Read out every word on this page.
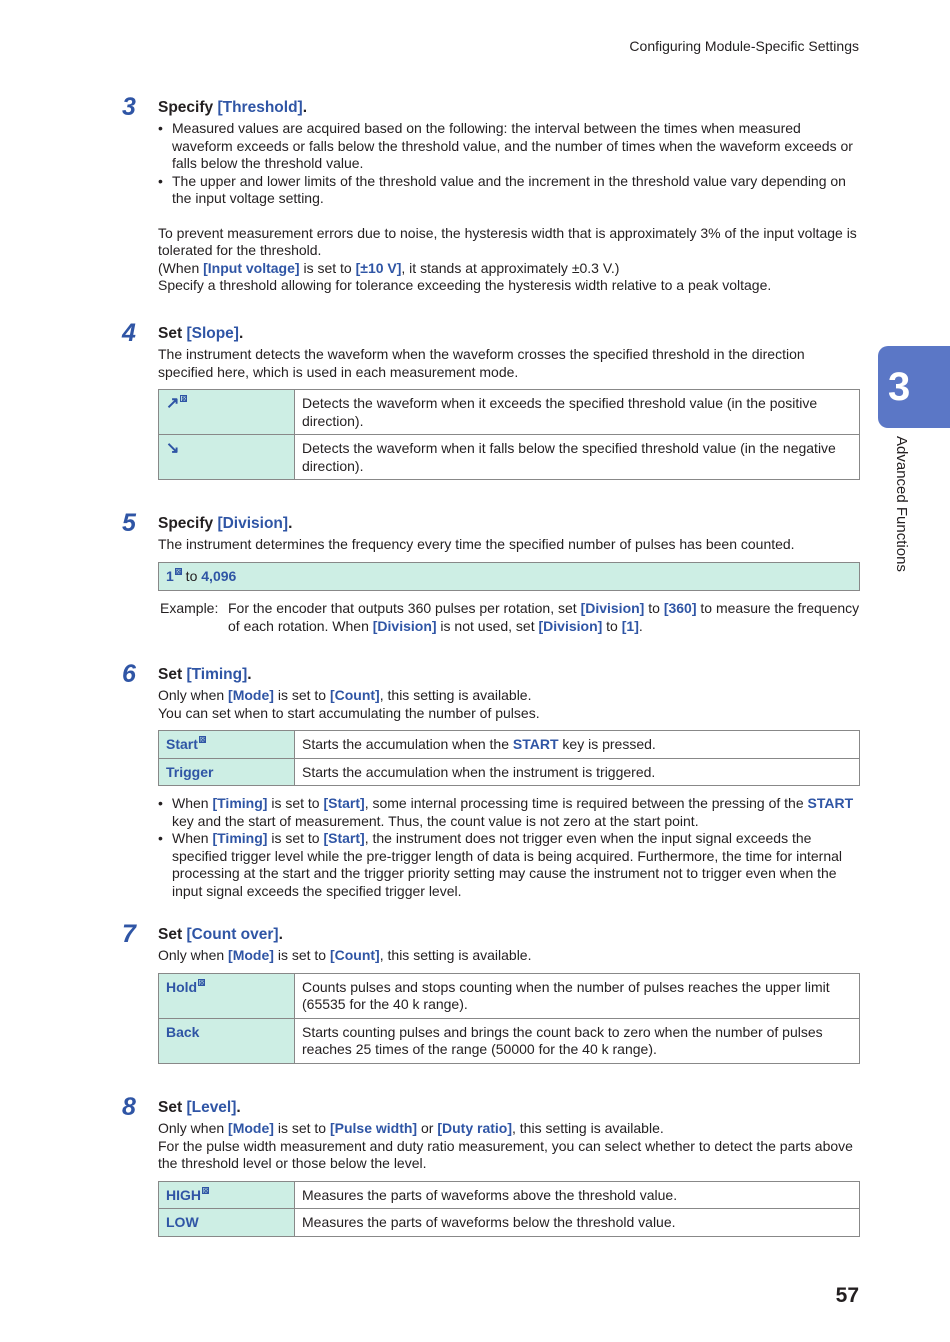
Configuring Module-Specific Settings
3 Specify [Threshold].
• Measured values are acquired based on the following: the interval between the times when measured waveform exceeds or falls below the threshold value, and the number of times when the waveform exceeds or falls below the threshold value.
• The upper and lower limits of the threshold value and the increment in the threshold value vary depending on the input voltage setting.

To prevent measurement errors due to noise, the hysteresis width that is approximately 3% of the input voltage is tolerated for the threshold.

(When [Input voltage] is set to [±10 V], it stands at approximately ±0.3 V.)

Specify a threshold allowing for tolerance exceeding the hysteresis width relative to a peak voltage.

4 Set [Slope].

The instrument detects the waveform when the waveform crosses the specified threshold in the direction specified here, which is used in each measurement mode.

↗ ⊠	Detects the waveform when it exceeds the specified threshold value (in the positive direction).
↘	Detects the waveform when it falls below the specified threshold value (in the negative direction).
5 Specify [Division].

The instrument determines the frequency every time the specified number of pulses has been counted.

1 ⊠ to 4,096
Example: For the encoder that outputs 360 pulses per rotation, set [Division] to [360] to measure the frequency of each rotation. When [Division] is not used, set [Division] to [1].
6 Set [Timing].

Only when [Mode] is set to [Count], this setting is available.

You can set when to start accumulating the number of pulses.

Start ⊠	Starts the accumulation when the START key is pressed.
Trigger	Starts the accumulation when the instrument is triggered.
• When [Timing] is set to [Start], some internal processing time is required between the pressing of the START key and the start of measurement. Thus, the count value is not zero at the start point.
• When [Timing] is set to [Start], the instrument does not trigger even when the input signal exceeds the specified trigger level while the pre-trigger length of data is being acquired. Furthermore, the time for internal processing at the start and the trigger priority setting may cause the instrument not to trigger even when the input signal exceeds the specified trigger level.
7 Set [Count over].

Only when [Mode] is set to [Count], this setting is available.

Hold ⊠	Counts pulses and stops counting when the number of pulses reaches the upper limit (65535 for the 40 k range).
Back	Starts counting pulses and brings the count back to zero when the number of pulses reaches 25 times of the range (50000 for the 40 k range).
8 Set [Level].

Only when [Mode] is set to [Pulse width] or [Duty ratio], this setting is available.

For the pulse width measurement and duty ratio measurement, you can select whether to detect the parts above the threshold level or those below the level.

HIGH ⊠	Measures the parts of waveforms above the threshold value.
LOW	Measures the parts of waveforms below the threshold value.
3
Advanced Functions
57
